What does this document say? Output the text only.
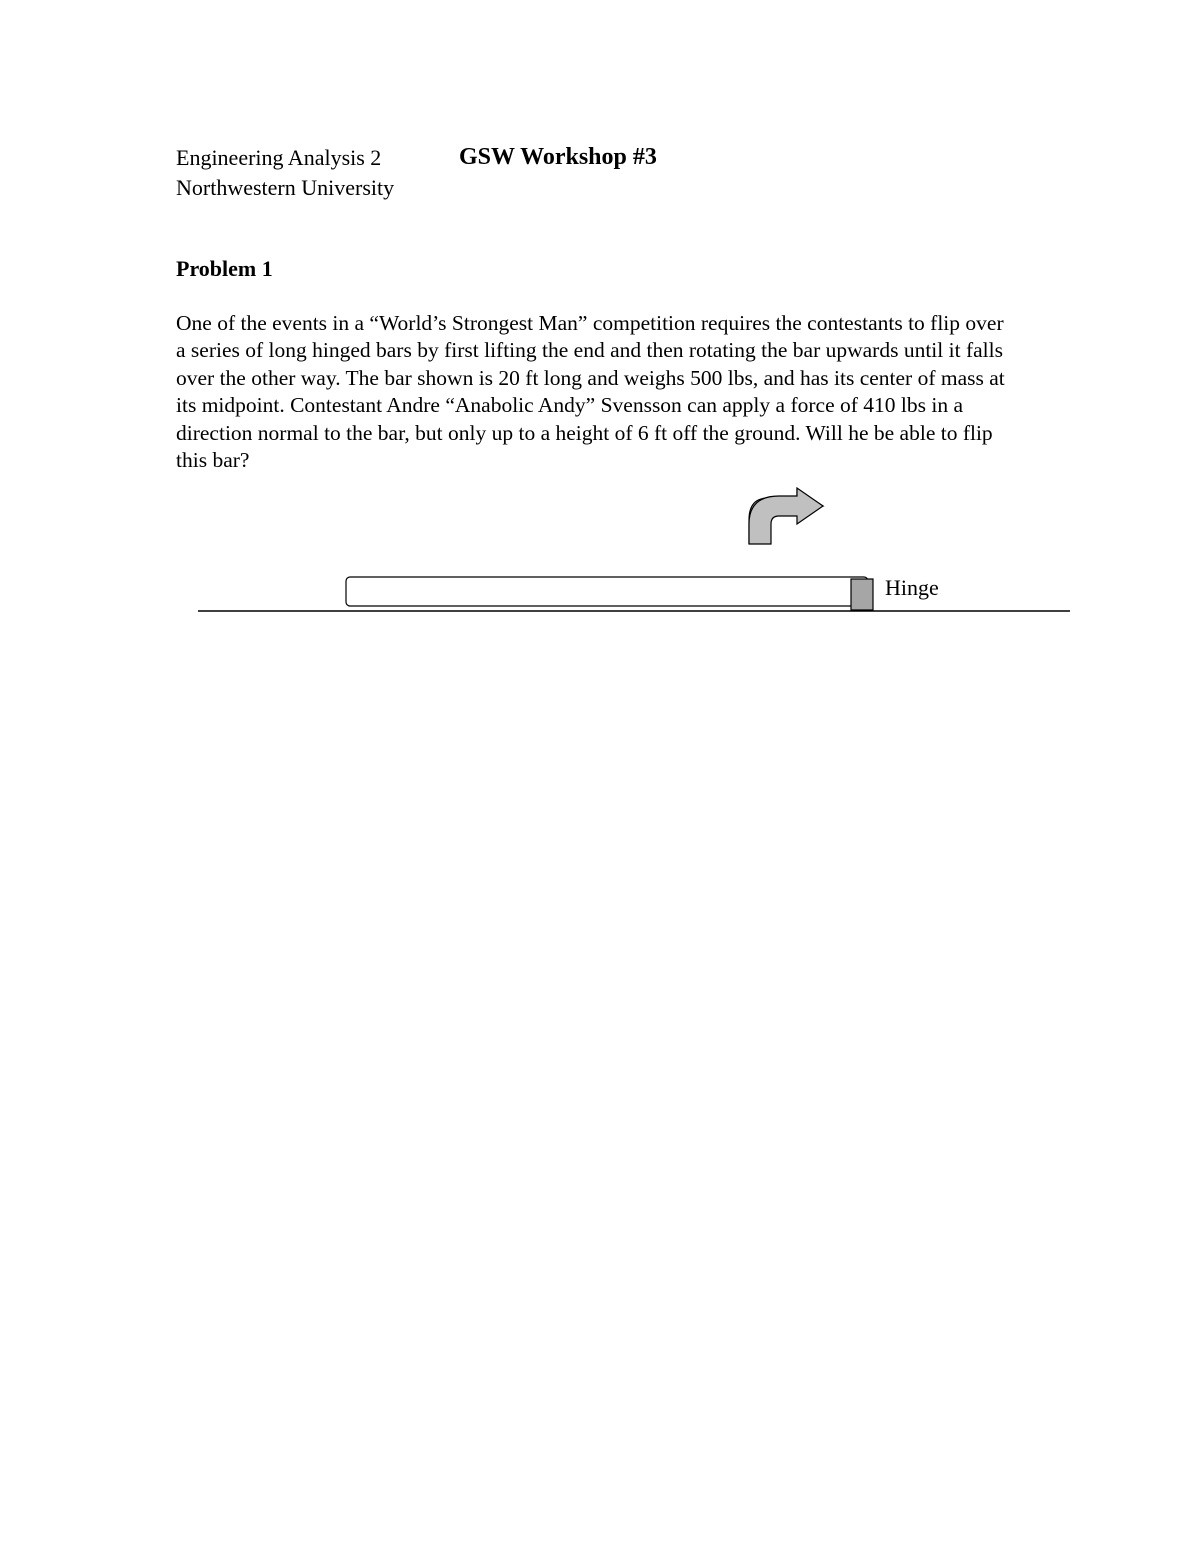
Engineering Analysis 2	GSW Workshop #3
Northwestern University
Problem 1

One of the events in a “World’s Strongest Man” competition requires the contestants to flip over
a series of long hinged bars by first lifting the end and then rotating the bar upwards until it falls
over the other way. The bar shown is 20 ft long and weighs 500 lbs, and has its center of mass at
its midpoint. Contestant Andre “Anabolic Andy” Svensson can apply a force of 410 lbs in a
direction normal to the bar, but only up to a height of 6 ft off the ground. Will he be able to flip
this bar?

Hinge
